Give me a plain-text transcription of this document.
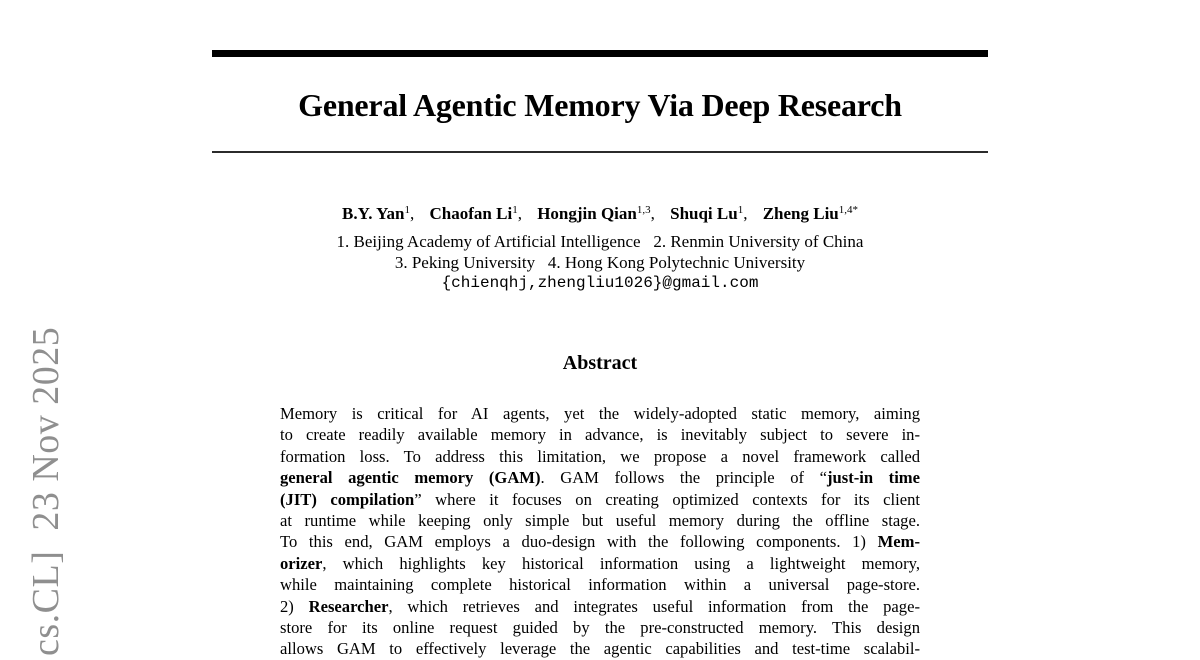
cs.CL]  23 Nov 2025
General Agentic Memory Via Deep Research
B.Y. Yan$^1$, Chaofan Li$^1$, Hongjin Qian$^{1,3}$, Shuqi Lu$^1$, Zheng Liu$^{1,4*}$
1. Beijing Academy of Artificial Intelligence   2. Renmin University of China
3. Peking University   4. Hong Kong Polytechnic University
{chienqhj,zhengliu1026}@gmail.com
Abstract
Memory is critical for AI agents, yet the widely-adopted static memory, aiming
to create readily available memory in advance, is inevitably subject to severe in-
formation loss. To address this limitation, we propose a novel framework called
general agentic memory (GAM). GAM follows the principle of “just-in time
(JIT) compilation” where it focuses on creating optimized contexts for its client
at runtime while keeping only simple but useful memory during the offline stage.
To this end, GAM employs a duo-design with the following components. 1) Mem-
orizer, which highlights key historical information using a lightweight memory,
while maintaining complete historical information within a universal page-store.
2) Researcher, which retrieves and integrates useful information from the page-
store for its online request guided by the pre-constructed memory. This design
allows GAM to effectively leverage the agentic capabilities and test-time scalabil-
